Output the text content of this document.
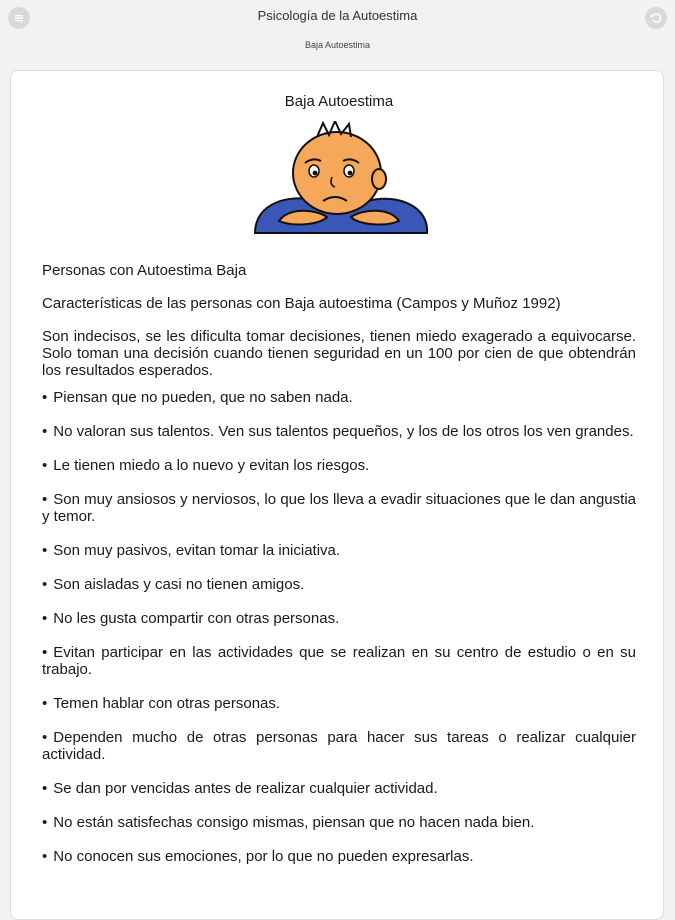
Psicología de la Autoestima
Baja Autoestima
Baja Autoestima

Personas con Autoestima Baja

Características de las personas con Baja autoestima (Campos y Muñoz 1992)

Son indecisos, se les dificulta tomar decisiones, tienen miedo exagerado a equivocarse. Solo toman una decisión cuando tienen seguridad en un 100 por cien de que obtendrán los resultados esperados.

• Piensan que no pueden, que no saben nada.
• No valoran sus talentos. Ven sus talentos pequeños, y los de los otros los ven grandes.
• Le tienen miedo a lo nuevo y evitan los riesgos.
• Son muy ansiosos y nerviosos, lo que los lleva a evadir situaciones que le dan angustia y temor.
• Son muy pasivos, evitan tomar la iniciativa.
• Son aisladas y casi no tienen amigos.
• No les gusta compartir con otras personas.
• Evitan participar en las actividades que se realizan en su centro de estudio o en su trabajo.
• Temen hablar con otras personas.
• Dependen mucho de otras personas para hacer sus tareas o realizar cualquier actividad.
• Se dan por vencidas antes de realizar cualquier actividad.
• No están satisfechas consigo mismas, piensan que no hacen nada bien.
• No conocen sus emociones, por lo que no pueden expresarlas.
